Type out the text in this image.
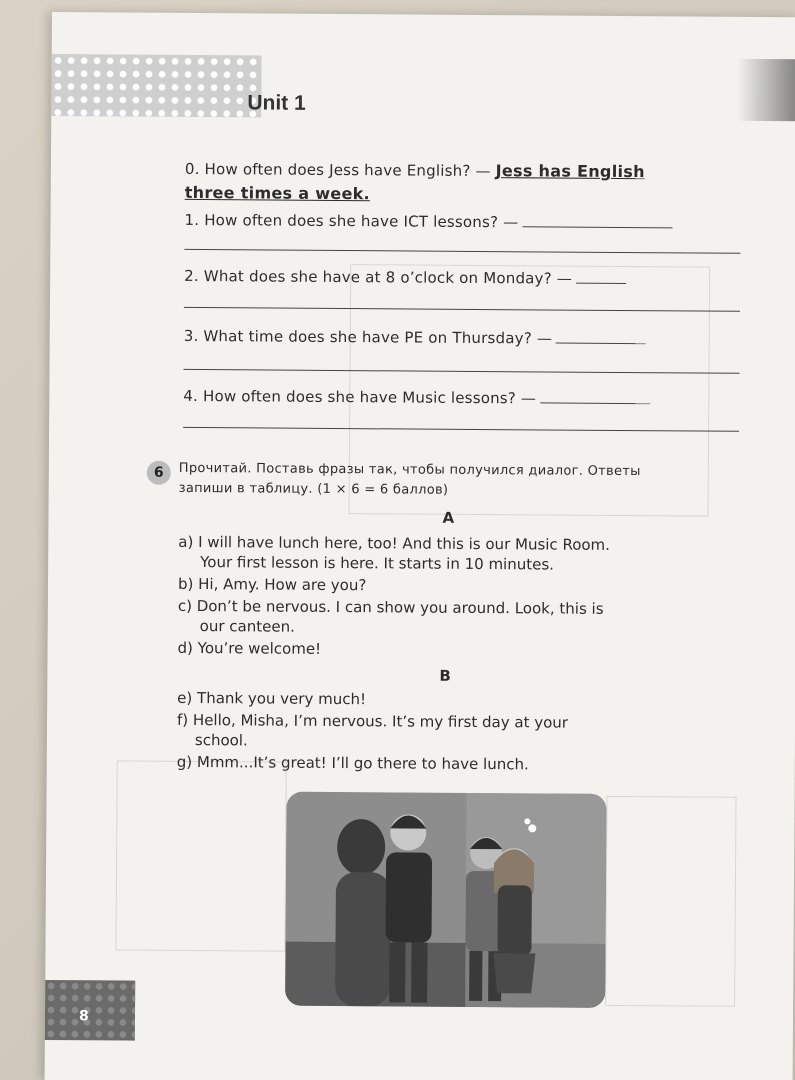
Unit 1
0. How often does Jess have English? — Jess has English
three times a week.
1. How often does she have ICT lessons? —
2. What does she have at 8 o’clock on Monday? —
3. What time does she have PE on Thursday? —
4. How often does she have Music lessons? —
6	Прочитай. Поставь фразы так, чтобы получился диалог. Ответы
запиши в таблицу. (1 × 6 = 6 баллов)
A
a) I will have lunch here, too! And this is our Music Room.
Your first lesson is here. It starts in 10 minutes.
b) Hi, Amy. How are you?
c) Don’t be nervous. I can show you around. Look, this is
our canteen.
d) You’re welcome!
B
e) Thank you very much!
f) Hello, Misha, I’m nervous. It’s my first day at your
school.
g) Mmm...It’s great! I’ll go there to have lunch.
8
